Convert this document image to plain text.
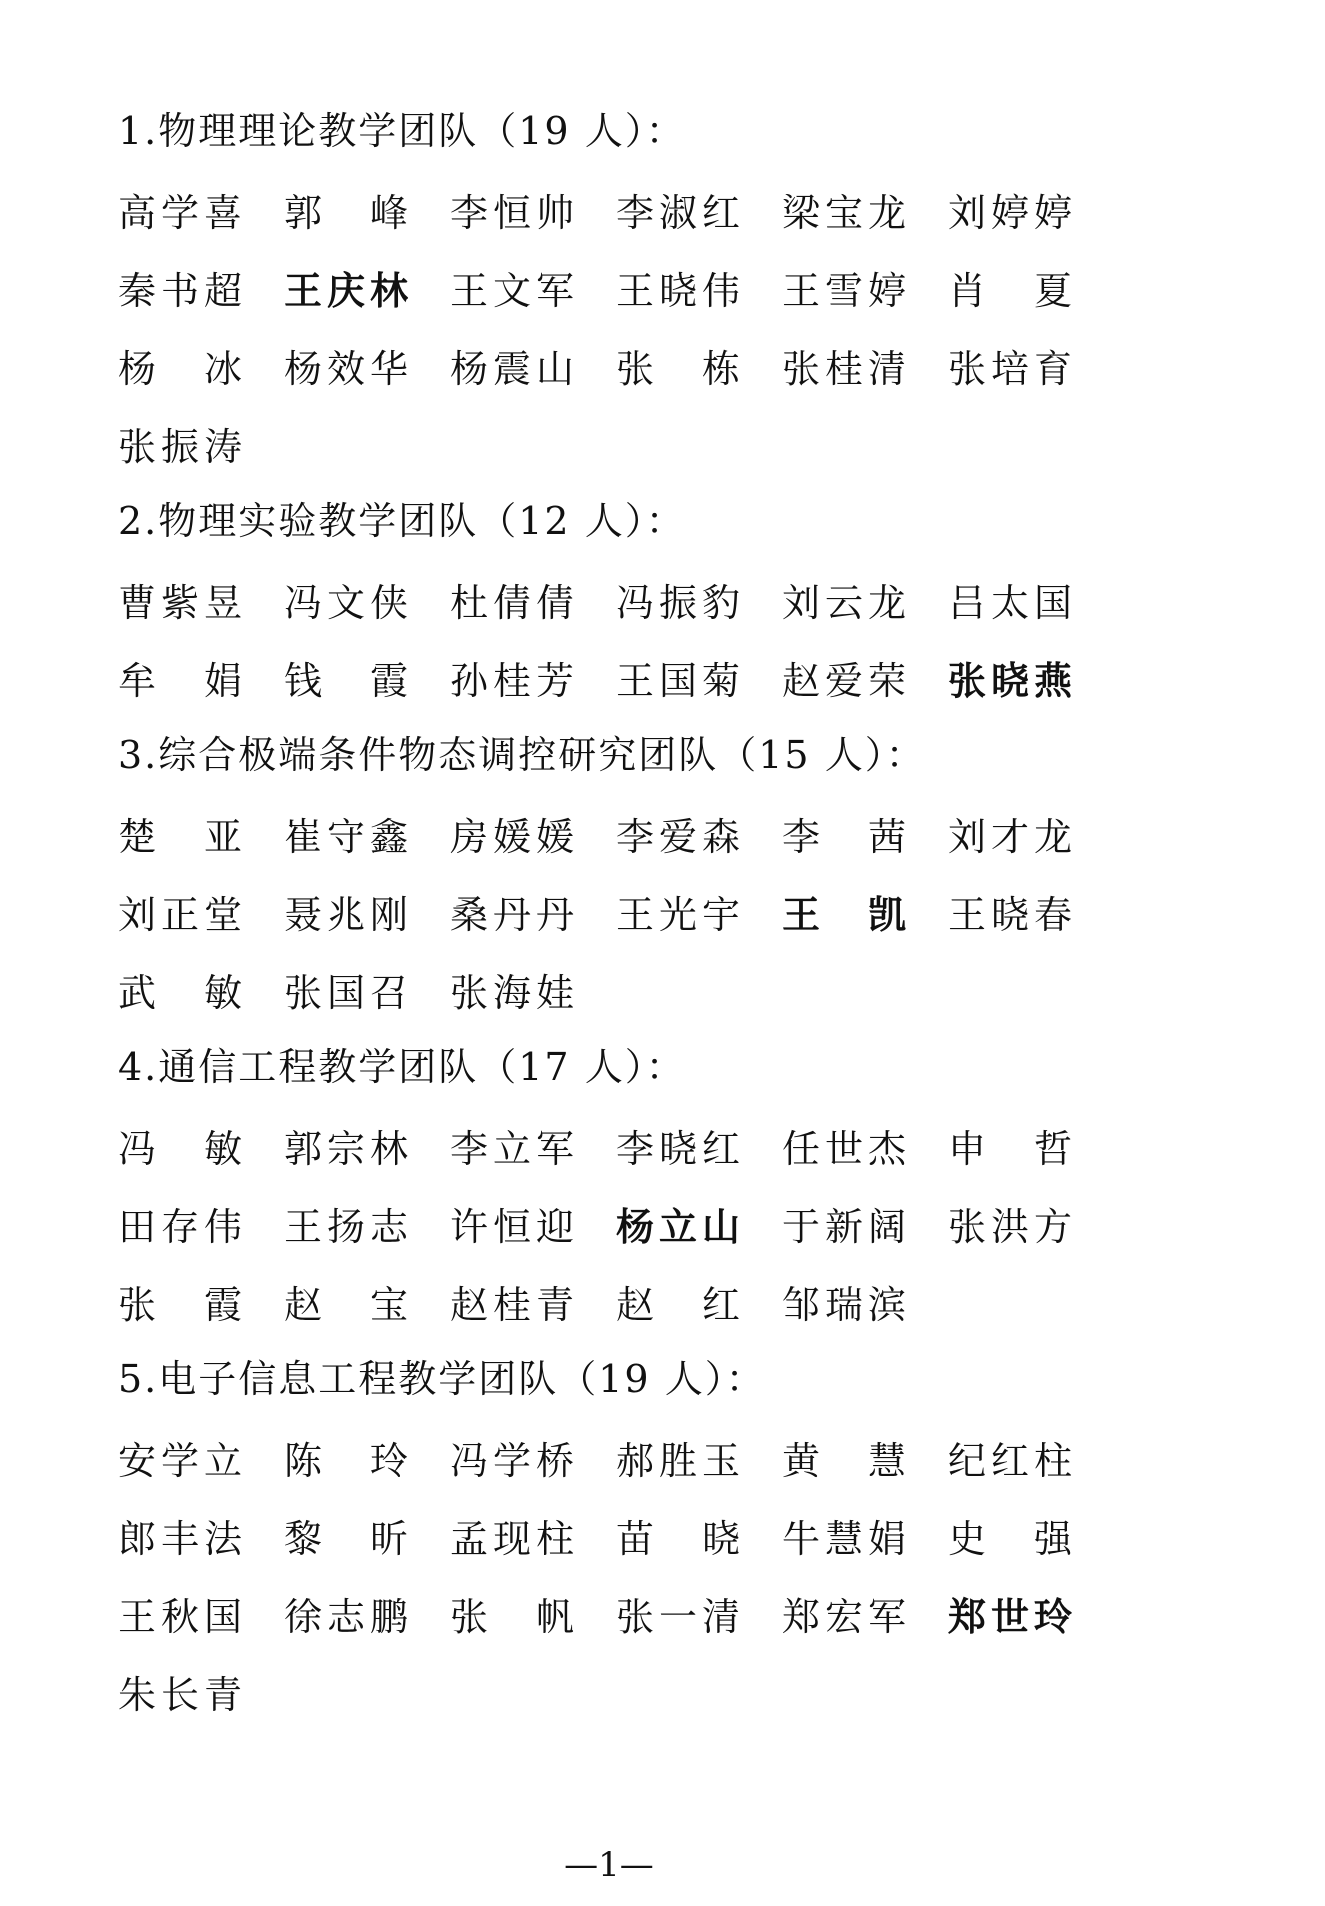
1.物理理论教学团队（19 人）：
高 学 喜 郭 峰 李 恒 帅 李 淑 红 梁 宝 龙 刘 婷 婷
秦 书 超 王 庆 林 王 文 军 王 晓 伟 王 雪 婷 肖 夏
杨 冰 杨 效 华 杨 震 山 张 栋 张 桂 清 张 培 育
张 振 涛
2.物理实验教学团队（12 人）：
曹 紫 昱 冯 文 侠 杜 倩 倩 冯 振 豹 刘 云 龙 吕 太 国
牟 娟 钱 霞 孙 桂 芳 王 国 菊 赵 爱 荣 张 晓 燕
3.综合极端条件物态调控研究团队（15 人）：
楚 亚 崔 守 鑫 房 媛 媛 李 爱 森 李 茜 刘 才 龙
刘 正 堂 聂 兆 刚 桑 丹 丹 王 光 宇 王 凯 王 晓 春
武 敏 张 国 召 张 海 娃
4.通信工程教学团队（17 人）：
冯 敏 郭 宗 林 李 立 军 李 晓 红 任 世 杰 申 哲
田 存 伟 王 扬 志 许 恒 迎 杨 立 山 于 新 阔 张 洪 方
张 霞 赵 宝 赵 桂 青 赵 红 邹 瑞 滨
5.电子信息工程教学团队（19 人）：
安 学 立 陈 玲 冯 学 桥 郝 胜 玉 黄 慧 纪 红 柱
郎 丰 法 黎 昕 孟 现 柱 苗 晓 牛 慧 娟 史 强
王 秋 国 徐 志 鹏 张 帆 张 一 清 郑 宏 军 郑 世 玲
朱 长 青
—1—
